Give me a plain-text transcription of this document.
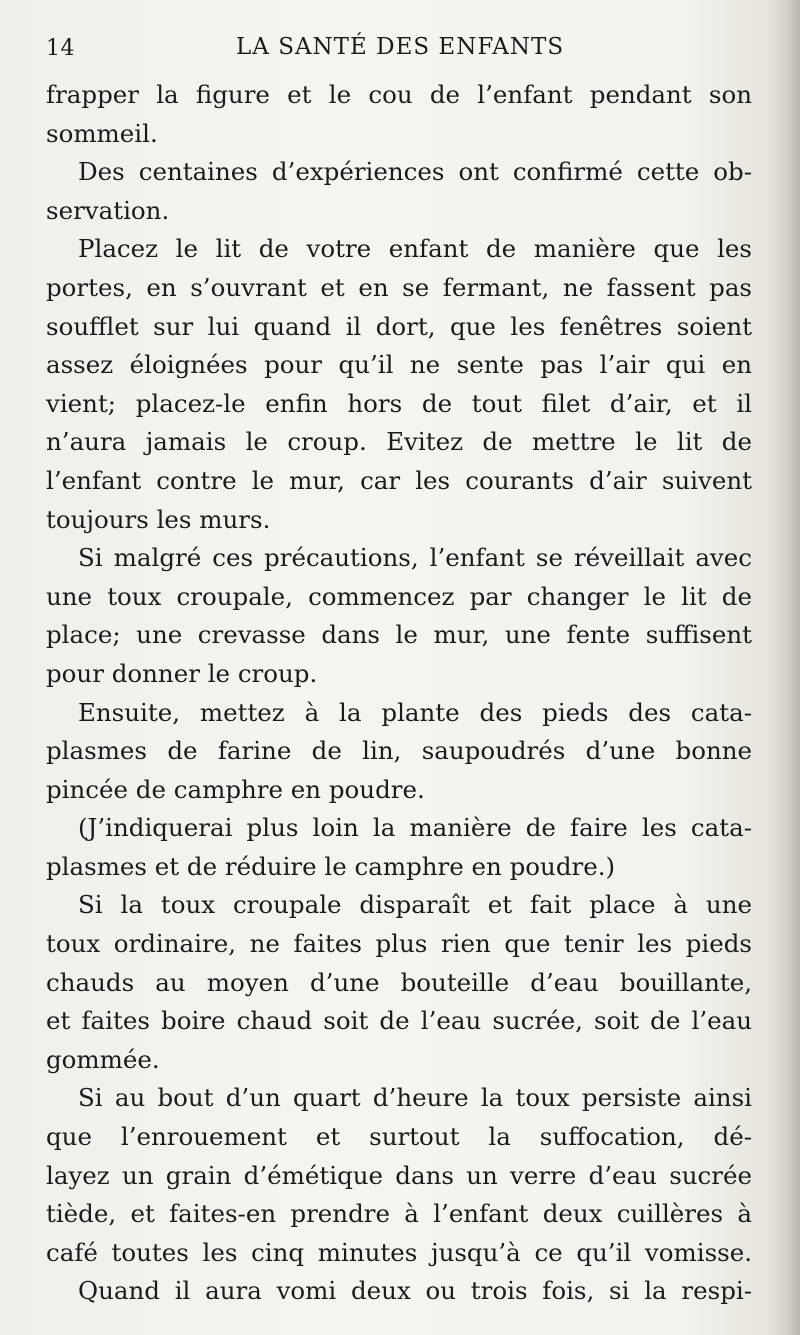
14	LA SANTÉ DES ENFANTS
frapper la figure et le cou de l’enfant pendant son
sommeil.
Des centaines d’expériences ont confirmé cette ob-
servation.
Placez le lit de votre enfant de manière que les
portes, en s’ouvrant et en se fermant, ne fassent pas
soufflet sur lui quand il dort, que les fenêtres soient
assez éloignées pour qu’il ne sente pas l’air qui en
vient; placez-le enfin hors de tout filet d’air, et il
n’aura jamais le croup. Evitez de mettre le lit de
l’enfant contre le mur, car les courants d’air suivent
toujours les murs.
Si malgré ces précautions, l’enfant se réveillait avec
une toux croupale, commencez par changer le lit de
place; une crevasse dans le mur, une fente suffisent
pour donner le croup.
Ensuite, mettez à la plante des pieds des cata-
plasmes de farine de lin, saupoudrés d’une bonne
pincée de camphre en poudre.
(J’indiquerai plus loin la manière de faire les cata-
plasmes et de réduire le camphre en poudre.)
Si la toux croupale disparaît et fait place à une
toux ordinaire, ne faites plus rien que tenir les pieds
chauds au moyen d’une bouteille d’eau bouillante,
et faites boire chaud soit de l’eau sucrée, soit de l’eau
gommée.
Si au bout d’un quart d’heure la toux persiste ainsi
que l’enrouement et surtout la suffocation, dé-
layez un grain d’émétique dans un verre d’eau sucrée
tiède, et faites-en prendre à l’enfant deux cuillères à
café toutes les cinq minutes jusqu’à ce qu’il vomisse.
Quand il aura vomi deux ou trois fois, si la respi-
